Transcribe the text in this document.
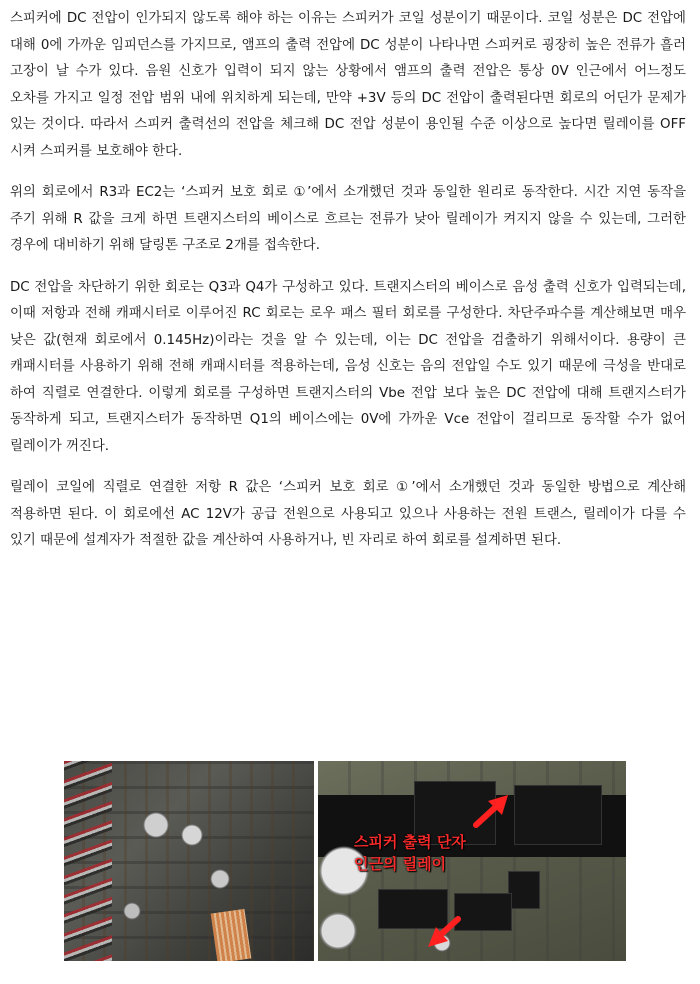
스피커에 DC 전압이 인가되지 않도록 해야 하는 이유는 스피커가 코일 성분이기 때문이다. 코일 성분은 DC 전압에 대해 0에 가까운 임피던스를 가지므로, 앰프의 출력 전압에 DC 성분이 나타나면 스피커로 굉장히 높은 전류가 흘러 고장이 날 수가 있다. 음원 신호가 입력이 되지 않는 상황에서 앰프의 출력 전압은 통상 0V 인근에서 어느정도 오차를 가지고 일정 전압 범위 내에 위치하게 되는데, 만약 +3V 등의 DC 전압이 출력된다면 회로의 어딘가 문제가 있는 것이다. 따라서 스피커 출력선의 전압을 체크해 DC 전압 성분이 용인될 수준 이상으로 높다면 릴레이를 OFF 시켜 스피커를 보호해야 한다.

위의 회로에서 R3과 EC2는 ‘스피커 보호 회로 ①’에서 소개했던 것과 동일한 원리로 동작한다. 시간 지연 동작을 주기 위해 R 값을 크게 하면 트랜지스터의 베이스로 흐르는 전류가 낮아 릴레이가 켜지지 않을 수 있는데, 그러한 경우에 대비하기 위해 달링톤 구조로 2개를 접속한다.

DC 전압을 차단하기 위한 회로는 Q3과 Q4가 구성하고 있다. 트랜지스터의 베이스로 음성 출력 신호가 입력되는데, 이때 저항과 전해 캐패시터로 이루어진 RC 회로는 로우 패스 필터 회로를 구성한다. 차단주파수를 계산해보면 매우 낮은 값(현재 회로에서 0.145Hz)이라는 것을 알 수 있는데, 이는 DC 전압을 검출하기 위해서이다. 용량이 큰 캐패시터를 사용하기 위해 전해 캐패시터를 적용하는데, 음성 신호는 음의 전압일 수도 있기 때문에 극성을 반대로 하여 직렬로 연결한다. 이렇게 회로를 구성하면 트랜지스터의 Vbe 전압 보다 높은 DC 전압에 대해 트랜지스터가 동작하게 되고, 트랜지스터가 동작하면 Q1의 베이스에는 0V에 가까운 Vce 전압이 걸리므로 동작할 수가 없어 릴레이가 꺼진다.

릴레이 코일에 직렬로 연결한 저항 R 값은 ‘스피커 보호 회로 ①’에서 소개했던 것과 동일한 방법으로 계산해 적용하면 된다. 이 회로에선 AC 12V가 공급 전원으로 사용되고 있으나 사용하는 전원 트랜스, 릴레이가 다를 수 있기 때문에 설계자가 적절한 값을 계산하여 사용하거나, 빈 자리로 하여 회로를 설계하면 된다.

스피커 출력 단자
인근의 릴레이
